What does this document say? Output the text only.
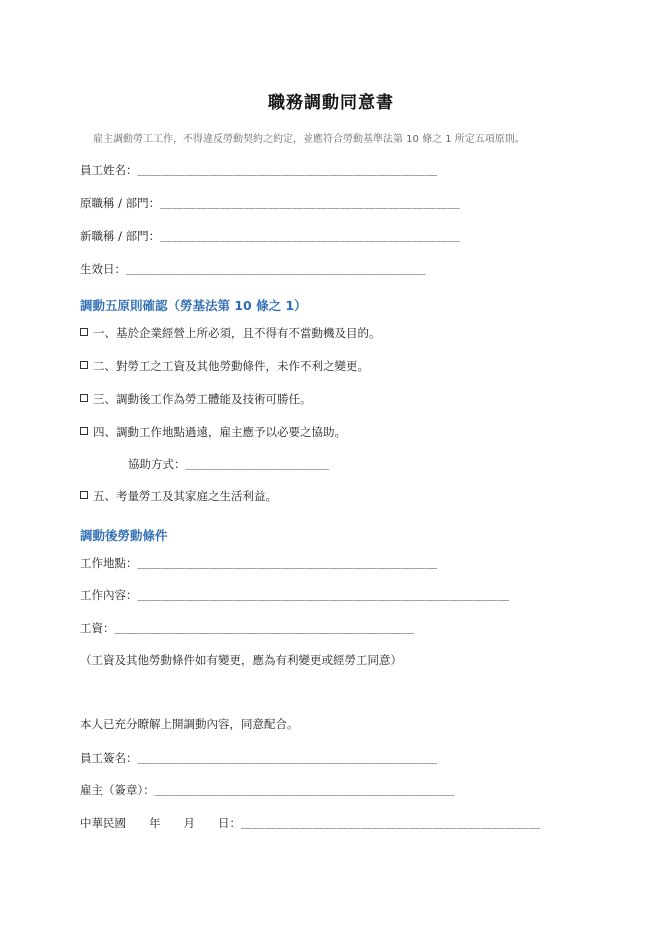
職務調動同意書
雇主調動勞工工作，不得違反勞動契約之約定，並應符合勞動基準法第 10 條之 1 所定五項原則。
員工姓名：＿＿＿＿＿＿＿＿＿＿＿＿＿＿＿＿＿＿＿＿＿＿＿＿＿
原職稱 / 部門：＿＿＿＿＿＿＿＿＿＿＿＿＿＿＿＿＿＿＿＿＿＿＿＿＿
新職稱 / 部門：＿＿＿＿＿＿＿＿＿＿＿＿＿＿＿＿＿＿＿＿＿＿＿＿＿
生效日：＿＿＿＿＿＿＿＿＿＿＿＿＿＿＿＿＿＿＿＿＿＿＿＿＿
調動五原則確認（勞基法第 10 條之 1）
一、基於企業經營上所必須，且不得有不當動機及目的。
二、對勞工之工資及其他勞動條件，未作不利之變更。
三、調動後工作為勞工體能及技術可勝任。
四、調動工作地點過遠，雇主應予以必要之協助。
協助方式：＿＿＿＿＿＿＿＿＿＿＿＿
五、考量勞工及其家庭之生活利益。
調動後勞動條件
工作地點：＿＿＿＿＿＿＿＿＿＿＿＿＿＿＿＿＿＿＿＿＿＿＿＿＿
工作內容：＿＿＿＿＿＿＿＿＿＿＿＿＿＿＿＿＿＿＿＿＿＿＿＿＿＿＿＿＿＿＿
工資：＿＿＿＿＿＿＿＿＿＿＿＿＿＿＿＿＿＿＿＿＿＿＿＿＿
（工資及其他勞動條件如有變更，應為有利變更或經勞工同意）
本人已充分瞭解上開調動內容，同意配合。
員工簽名：＿＿＿＿＿＿＿＿＿＿＿＿＿＿＿＿＿＿＿＿＿＿＿＿＿
雇主（簽章）：＿＿＿＿＿＿＿＿＿＿＿＿＿＿＿＿＿＿＿＿＿＿＿＿＿
中華民國　　年　　月　　日：＿＿＿＿＿＿＿＿＿＿＿＿＿＿＿＿＿＿＿＿＿＿＿＿＿
